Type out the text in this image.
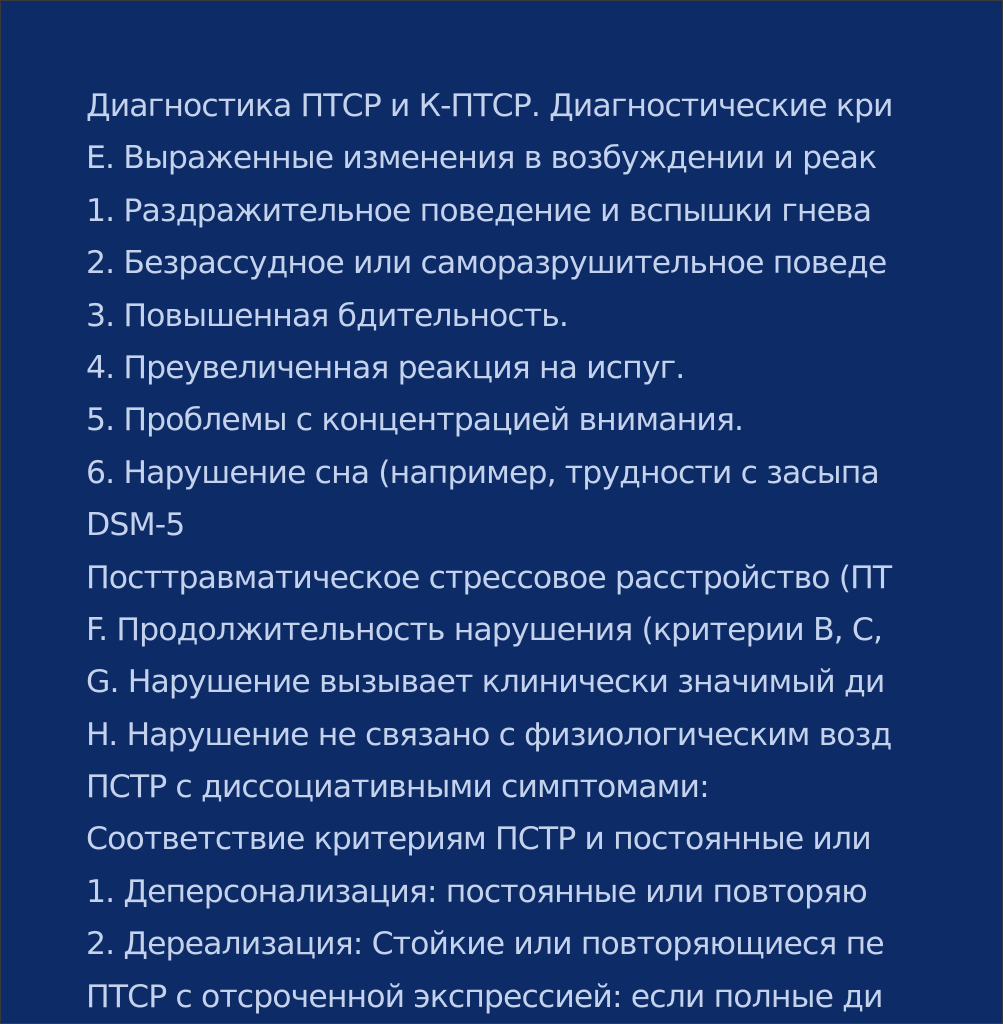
Диагностика ПТСР и К-ПТСР. Диагностические кри
Е. Выраженные изменения в возбуждении и реак
1. Раздражительное поведение и вспышки гнева
2. Безрассудное или саморазрушительное поведе
3. Повышенная бдительность.
4. Преувеличенная реакция на испуг.
5. Проблемы с концентрацией внимания.
6. Нарушение сна (например, трудности с засыпа
DSM-5
Посттравматическое стрессовое расстройство (ПТ
F. Продолжительность нарушения (критерии В, С,
G. Нарушение вызывает клинически значимый ди
H. Нарушение не связано с физиологическим возд
ПСТР с диссоциативными симптомами:
Соответствие критериям ПСТР и постоянные или
1. Деперсонализация: постоянные или повторяю
2. Дереализация: Стойкие или повторяющиеся пе
ПТСР с отсроченной экспрессией: если полные ди
